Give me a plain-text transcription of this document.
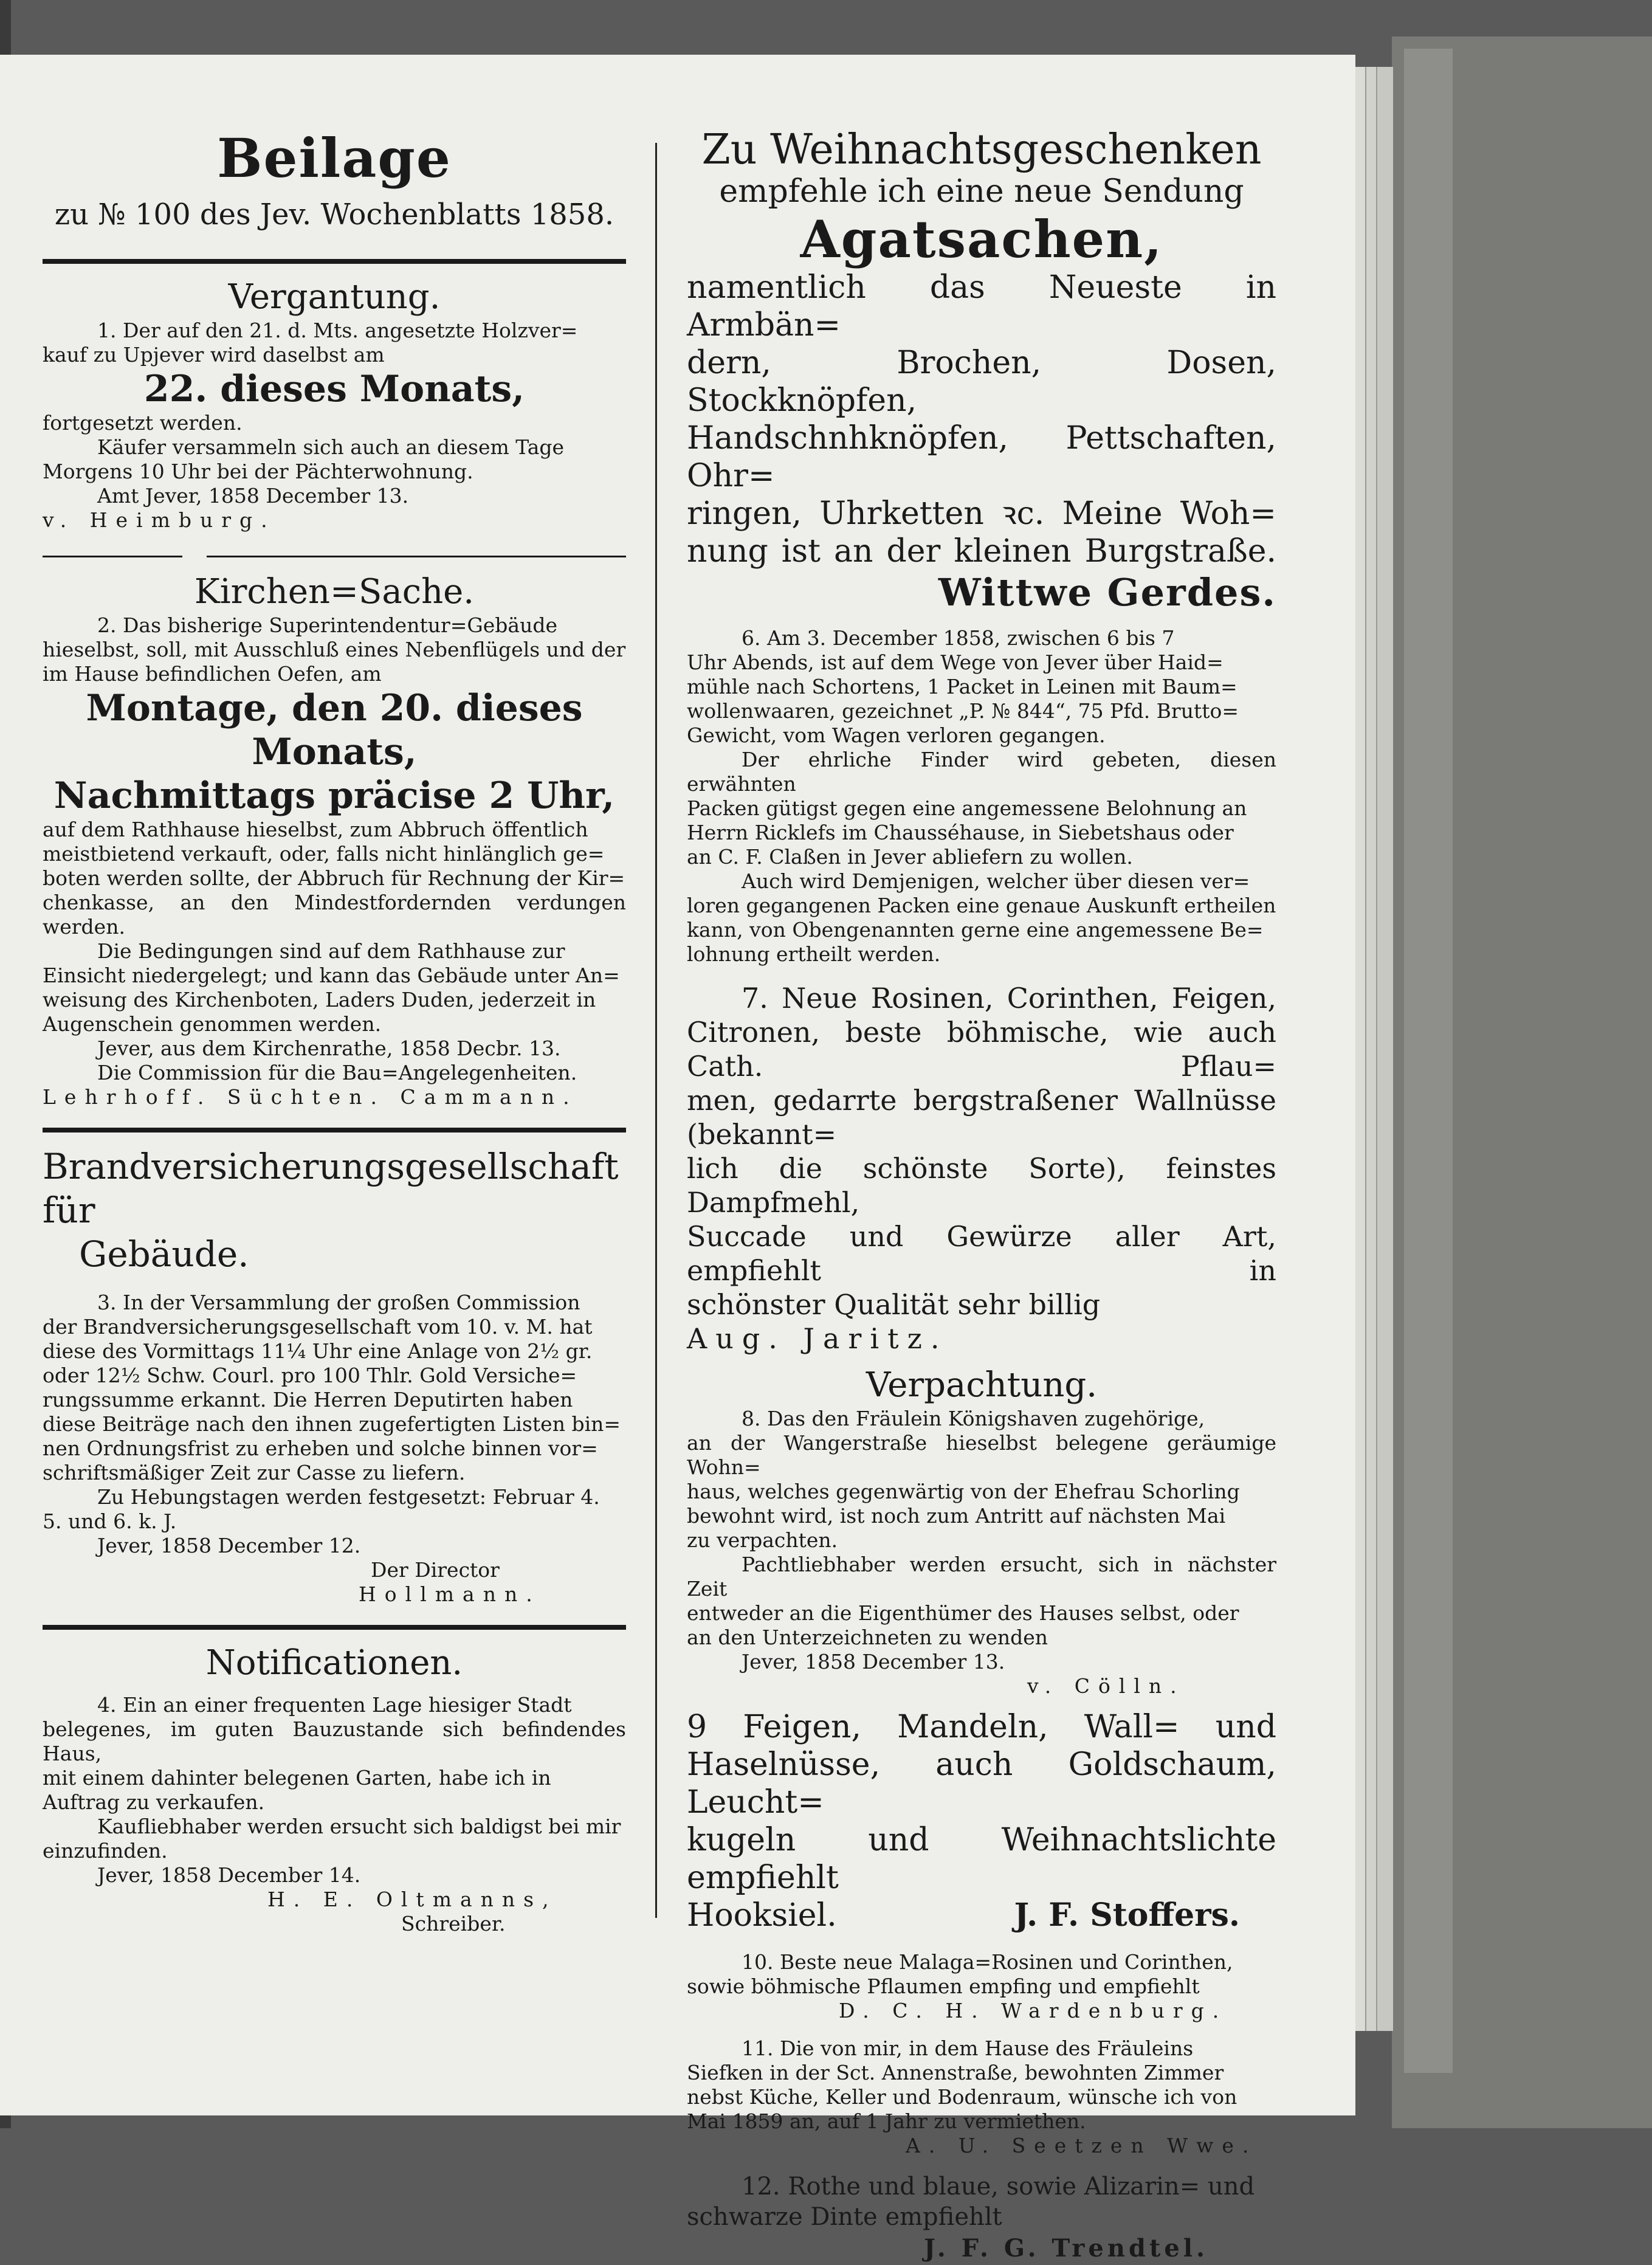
Beilage
zu № 100 des Jev. Wochenblatts 1858.
Vergantung.

1. Der auf den 21. d. Mts. angesetzte Holzver=

kauf zu Upjever wird daselbst am

22. dieses Monats,

fortgesetzt werden.

Käufer versammeln sich auch an diesem Tage

Morgens 10 Uhr bei der Pächterwohnung.

Amt Jever, 1858 December 13.

v. Heimburg.

Kirchen=Sache.

2. Das bisherige Superintendentur=Gebäude

hieselbst, soll, mit Ausschluß eines Nebenflügels und der

im Hause befindlichen Oefen, am

Montage, den 20. dieses Monats,
Nachmittags präcise 2 Uhr,

auf dem Rathhause hieselbst, zum Abbruch öffentlich

meistbietend verkauft, oder, falls nicht hinlänglich ge=

boten werden sollte, der Abbruch für Rechnung der Kir=

chenkasse, an den Mindestfordernden verdungen werden.

Die Bedingungen sind auf dem Rathhause zur

Einsicht niedergelegt; und kann das Gebäude unter An=

weisung des Kirchenboten, Laders Duden, jederzeit in

Augenschein genommen werden.

Jever, aus dem Kirchenrathe, 1858 Decbr. 13.

Die Commission für die Bau=Angelegenheiten.

Lehrhoff. Süchten. Cammann.

Brandversicherungsgesellschaft für
Gebäude.

3. In der Versammlung der großen Commission

der Brandversicherungsgesellschaft vom 10. v. M. hat

diese des Vormittags 11¼ Uhr eine Anlage von 2½ gr.

oder 12½ Schw. Courl. pro 100 Thlr. Gold Versiche=

rungssumme erkannt. Die Herren Deputirten haben

diese Beiträge nach den ihnen zugefertigten Listen bin=

nen Ordnungsfrist zu erheben und solche binnen vor=

schriftsmäßiger Zeit zur Casse zu liefern.

Zu Hebungstagen werden festgesetzt: Februar 4.

5. und 6. k. J.

Jever, 1858 December 12.

Der Director

Hollmann.

Notificationen.

4. Ein an einer frequenten Lage hiesiger Stadt

belegenes, im guten Bauzustande sich befindendes Haus,

mit einem dahinter belegenen Garten, habe ich in

Auftrag zu verkaufen.

Kaufliebhaber werden ersucht sich baldigst bei mir

einzufinden.

Jever, 1858 December 14.

H. E. Oltmanns,

Schreiber.

Zu Weihnachtsgeschenken
empfehle ich eine neue Sendung
Agatsachen,
namentlich das Neueste in Armbän=
dern, Brochen, Dosen, Stockknöpfen,
Handschnhknöpfen, Pettschaften, Ohr=
ringen, Uhrketten ꝛc. Meine Woh=
nung ist an der kleinen Burgstraße.
Wittwe Gerdes.

6. Am 3. December 1858, zwischen 6 bis 7

Uhr Abends, ist auf dem Wege von Jever über Haid=

mühle nach Schortens, 1 Packet in Leinen mit Baum=

wollenwaaren, gezeichnet „P. № 844“, 75 Pfd. Brutto=

Gewicht, vom Wagen verloren gegangen.

Der ehrliche Finder wird gebeten, diesen erwähnten

Packen gütigst gegen eine angemessene Belohnung an

Herrn Ricklefs im Chausséhause, in Siebetshaus oder

an C. F. Claßen in Jever abliefern zu wollen.

Auch wird Demjenigen, welcher über diesen ver=

loren gegangenen Packen eine genaue Auskunft ertheilen

kann, von Obengenannten gerne eine angemessene Be=

lohnung ertheilt werden.

7. Neue Rosinen, Corinthen, Feigen,

Citronen, beste böhmische, wie auch Cath. Pflau=

men, gedarrte bergstraßener Wallnüsse (bekannt=

lich die schönste Sorte), feinstes Dampfmehl,

Succade und Gewürze aller Art, empfiehlt in

schönster Qualität sehr billig

Aug. Jaritz.

Verpachtung.

8. Das den Fräulein Königshaven zugehörige,

an der Wangerstraße hieselbst belegene geräumige Wohn=

haus, welches gegenwärtig von der Ehefrau Schorling

bewohnt wird, ist noch zum Antritt auf nächsten Mai

zu verpachten.

Pachtliebhaber werden ersucht, sich in nächster Zeit

entweder an die Eigenthümer des Hauses selbst, oder

an den Unterzeichneten zu wenden

Jever, 1858 December 13.

v. Cölln.

9 Feigen, Mandeln, Wall= und

Haselnüsse, auch Goldschaum, Leucht=

kugeln und Weihnachtslichte empfiehlt

Hooksiel.	J. F. Stoffers.

10. Beste neue Malaga=Rosinen und Corinthen,

sowie böhmische Pflaumen empfing und empfiehlt

D. C. H. Wardenburg.

11. Die von mir, in dem Hause des Fräuleins

Siefken in der Sct. Annenstraße, bewohnten Zimmer

nebst Küche, Keller und Bodenraum, wünsche ich von

Mai 1859 an, auf 1 Jahr zu vermiethen.

A. U. Seetzen Wwe.

12. Rothe und blaue, sowie Alizarin= und

schwarze Dinte empfiehlt

J. F. G. Trendtel.
